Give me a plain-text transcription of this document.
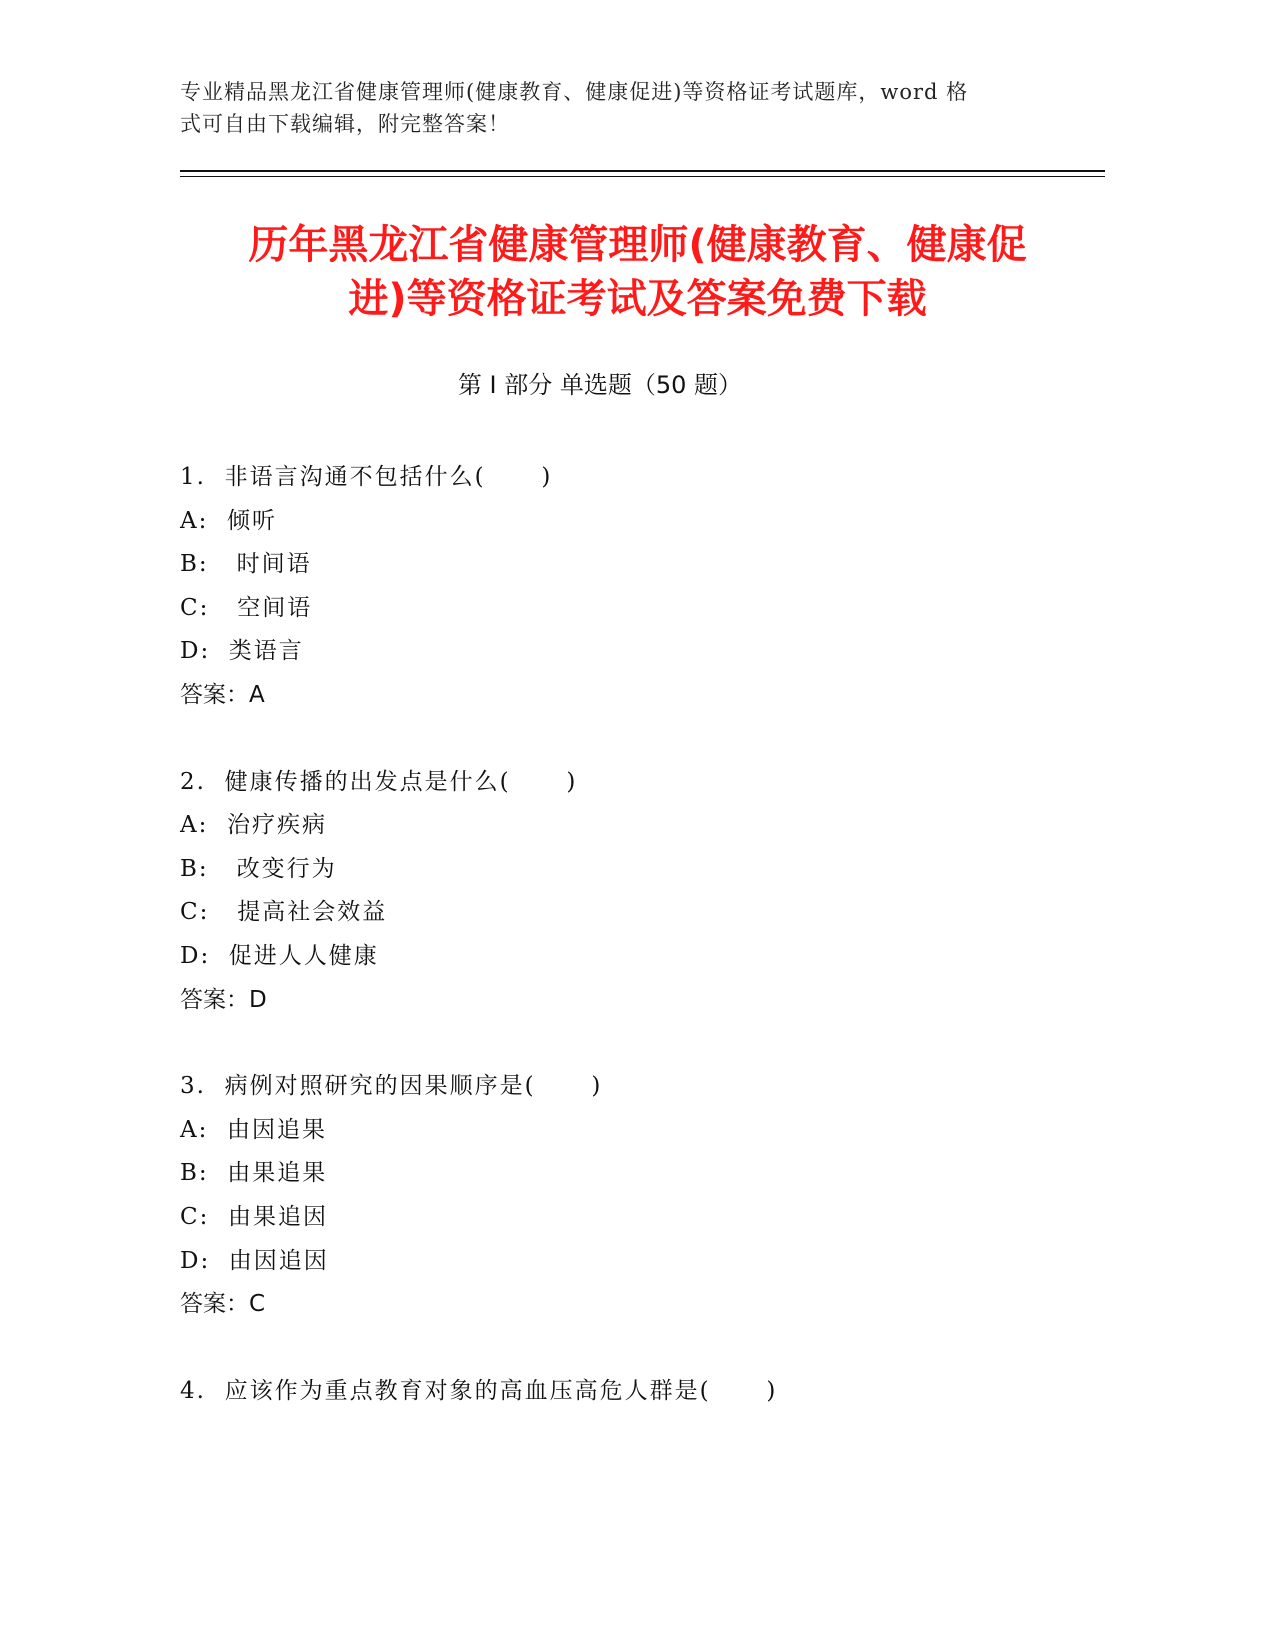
专业精品黑龙江省健康管理师(健康教育、健康促进)等资格证考试题库，word 格
式可自由下载编辑，附完整答案！
历年黑龙江省健康管理师(健康教育、健康促
进)等资格证考试及答案免费下载
第 I 部分 单选题（50 题）
1.  非语言沟通不包括什么(      )
A:  倾听
B:   时间语
C:   空间语
D:  类语言
答案：A
2.  健康传播的出发点是什么(      )
A:  治疗疾病
B:   改变行为
C:   提高社会效益
D:  促进人人健康
答案：D
3.  病例对照研究的因果顺序是(      )
A:  由因追果
B:  由果追果
C:  由果追因
D:  由因追因
答案：C
4.  应该作为重点教育对象的高血压高危人群是(      )
